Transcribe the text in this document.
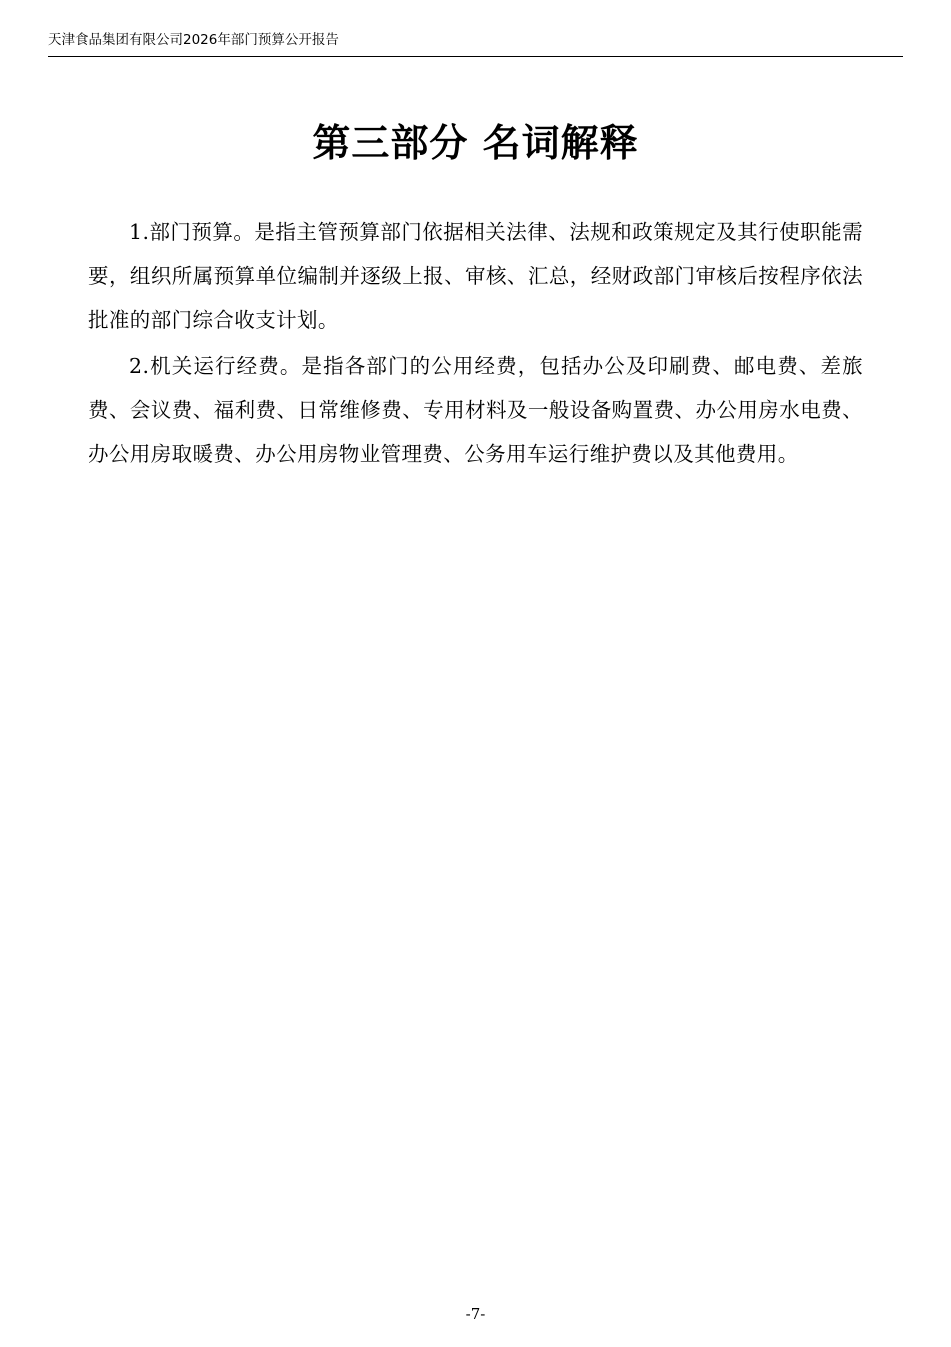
天津食品集团有限公司2026年部门预算公开报告
第三部分 名词解释

1.部门预算。是指主管预算部门依据相关法律、法规和政策规定及其行使职能需要，组织所属预算单位编制并逐级上报、审核、汇总，经财政部门审核后按程序依法批准的部门综合收支计划。

2.机关运行经费。是指各部门的公用经费，包括办公及印刷费、邮电费、差旅费、会议费、福利费、日常维修费、专用材料及一般设备购置费、办公用房水电费、办公用房取暖费、办公用房物业管理费、公务用车运行维护费以及其他费用。

-7-
